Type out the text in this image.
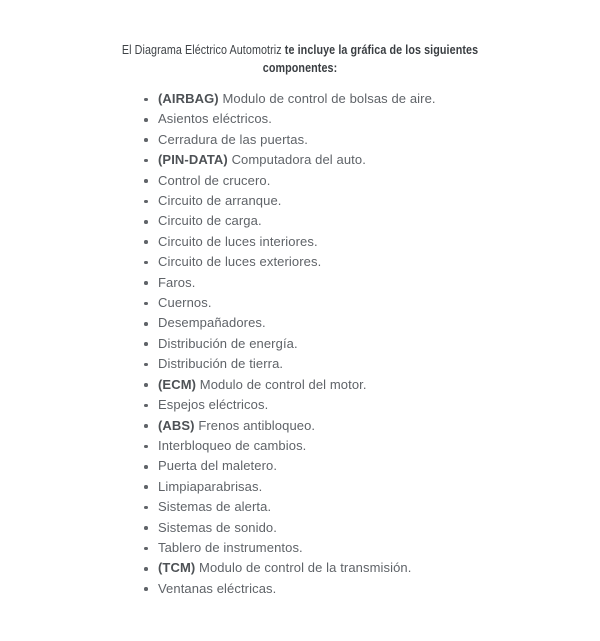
El Diagrama Eléctrico Automotriz te incluye la gráfica de los siguientes
componentes:

(AIRBAG) Modulo de control de bolsas de aire.
Asientos eléctricos.
Cerradura de las puertas.
(PIN-DATA) Computadora del auto.
Control de crucero.
Circuito de arranque.
Circuito de carga.
Circuito de luces interiores.
Circuito de luces exteriores.
Faros.
Cuernos.
Desempañadores.
Distribución de energía.
Distribución de tierra.
(ECM) Modulo de control del motor.
Espejos eléctricos.
(ABS) Frenos antibloqueo.
Interbloqueo de cambios.
Puerta del maletero.
Limpiaparabrisas.
Sistemas de alerta.
Sistemas de sonido.
Tablero de instrumentos.
(TCM) Modulo de control de la transmisión.
Ventanas eléctricas.
